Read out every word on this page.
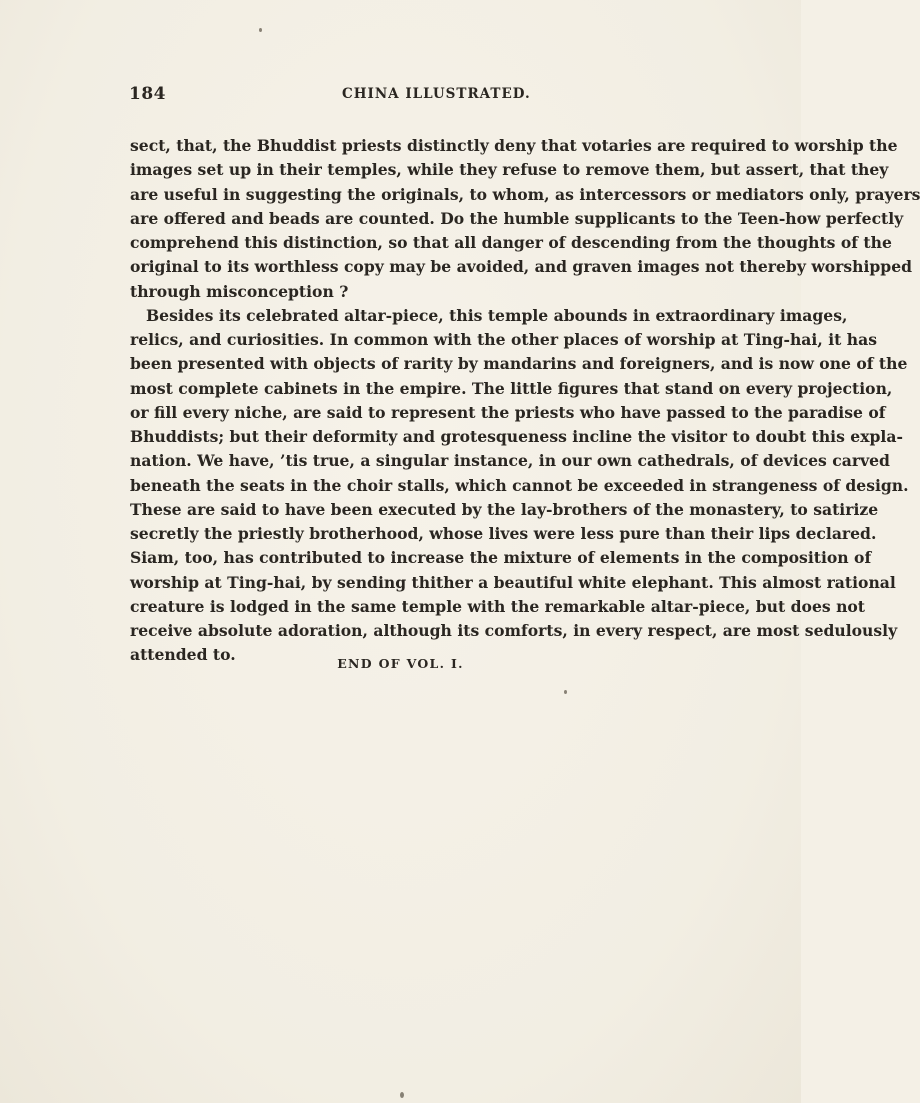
184	CHINA ILLUSTRATED.
sect, that, the Bhuddist priests distinctly deny that votaries are required to worship the
images set up in their temples, while they refuse to remove them, but assert, that they
are useful in suggesting the originals, to whom, as intercessors or mediators only, prayers
are offered and beads are counted. Do the humble supplicants to the Teen-how perfectly
comprehend this distinction, so that all danger of descending from the thoughts of the
original to its worthless copy may be avoided, and graven images not thereby worshipped
through misconception ?
Besides its celebrated altar-piece, this temple abounds in extraordinary images,
relics, and curiosities. In common with the other places of worship at Ting-hai, it has
been presented with objects of rarity by mandarins and foreigners, and is now one of the
most complete cabinets in the empire. The little figures that stand on every projection,
or fill every niche, are said to represent the priests who have passed to the paradise of
Bhuddists; but their deformity and grotesqueness incline the visitor to doubt this expla-
nation. We have, ’tis true, a singular instance, in our own cathedrals, of devices carved
beneath the seats in the choir stalls, which cannot be exceeded in strangeness of design.
These are said to have been executed by the lay-brothers of the monastery, to satirize
secretly the priestly brotherhood, whose lives were less pure than their lips declared.
Siam, too, has contributed to increase the mixture of elements in the composition of
worship at Ting-hai, by sending thither a beautiful white elephant. This almost rational
creature is lodged in the same temple with the remarkable altar-piece, but does not
receive absolute adoration, although its comforts, in every respect, are most sedulously
attended to.	END OF VOL. I.
